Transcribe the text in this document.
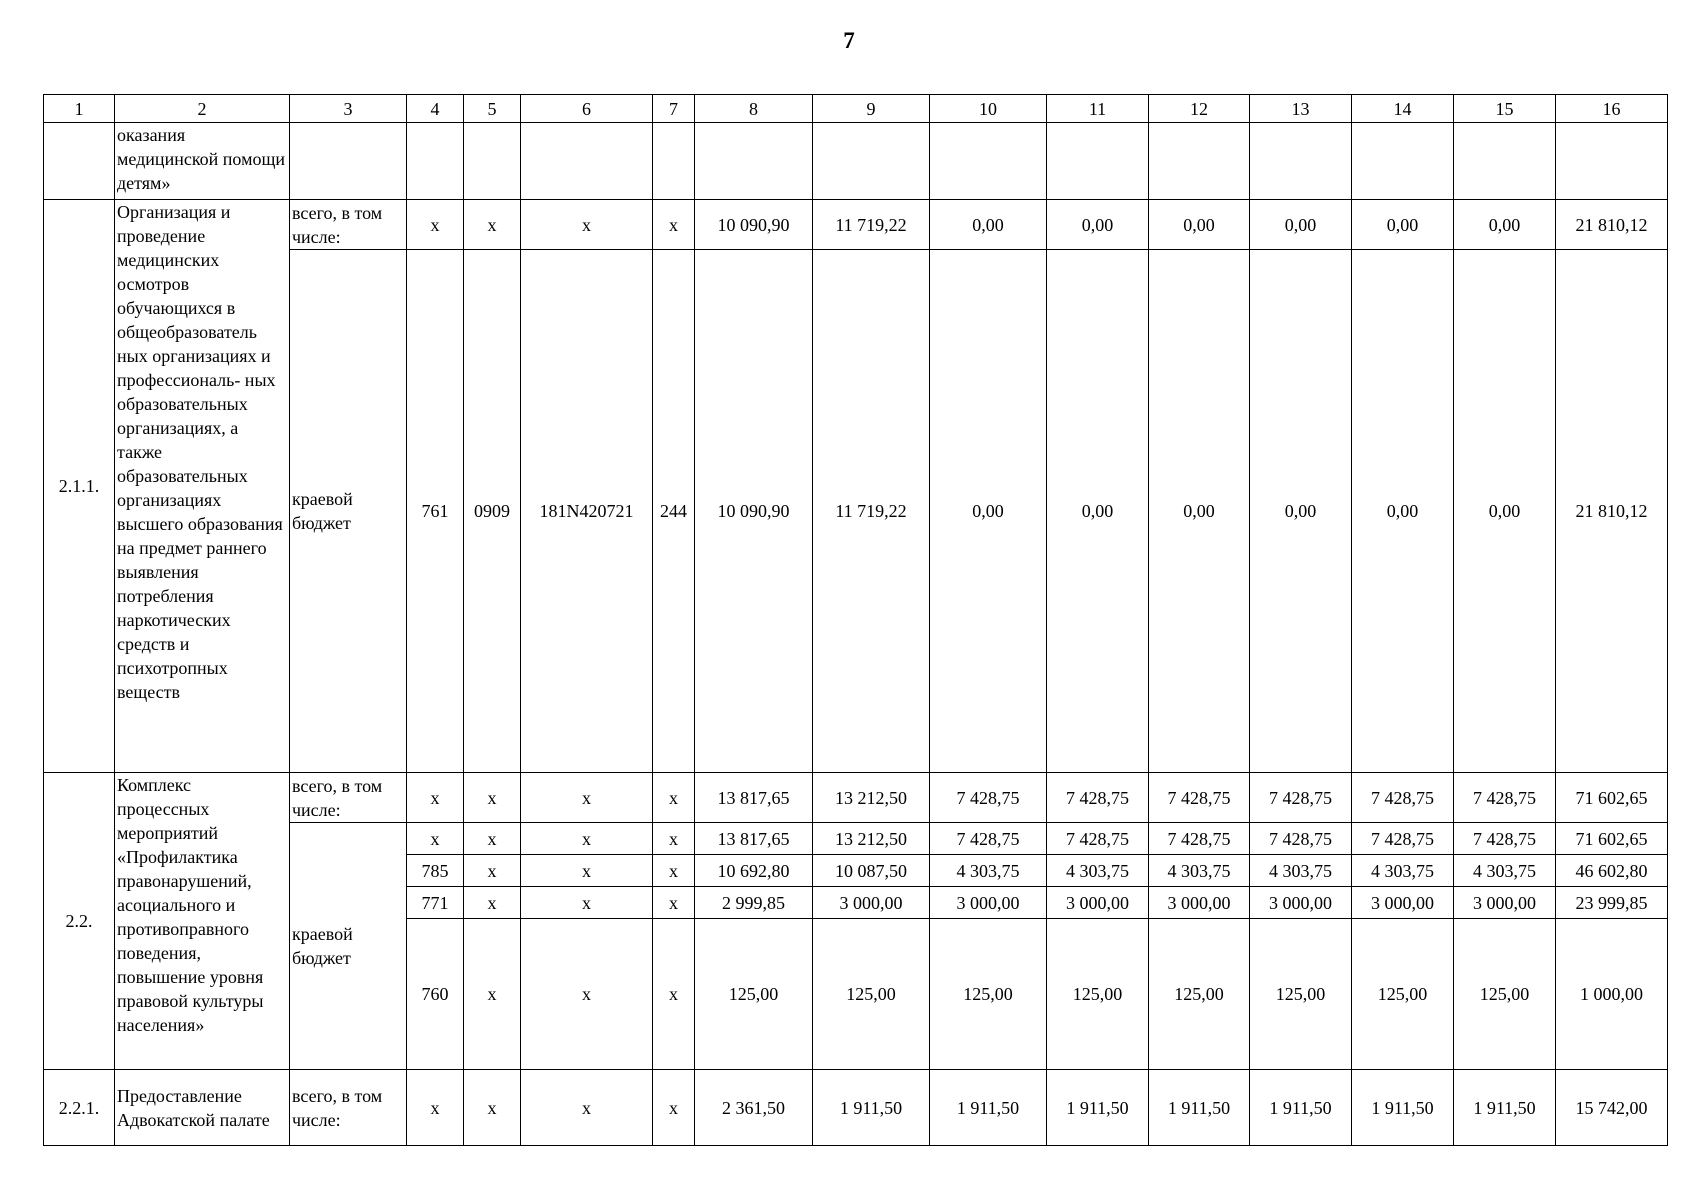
7
1	2	3	4	5	6	7	8	9	10	11	12	13	14	15	16
	оказания медицинской помощи детям»														
2.1.1.	Организация и проведение медицинских осмотров обучающихся в общеобразователь ных организациях и профессиональ- ных образовательных организациях, а также образовательных организациях высшего образования на предмет раннего выявления потребления наркотических средств и психотропных веществ	всего, в том числе:	x	x	x	x	10 090,90	11 719,22	0,00	0,00	0,00	0,00	0,00	0,00	21 810,12
		краевой бюджет	761	0909	181N420721	244	10 090,90	11 719,22	0,00	0,00	0,00	0,00	0,00	0,00	21 810,12
2.2.	Комплекс процессных мероприятий «Профилактика правонарушений, асоциального и противоправного поведения, повышение уровня правовой культуры населения»	всего, в том числе:	x	x	x	x	13 817,65	13 212,50	7 428,75	7 428,75	7 428,75	7 428,75	7 428,75	7 428,75	71 602,65
		краевой бюджет	x	x	x	x	13 817,65	13 212,50	7 428,75	7 428,75	7 428,75	7 428,75	7 428,75	7 428,75	71 602,65
			785	x	x	x	10 692,80	10 087,50	4 303,75	4 303,75	4 303,75	4 303,75	4 303,75	4 303,75	46 602,80
			771	x	x	x	2 999,85	3 000,00	3 000,00	3 000,00	3 000,00	3 000,00	3 000,00	3 000,00	23 999,85
			760	x	x	x	125,00	125,00	125,00	125,00	125,00	125,00	125,00	125,00	1 000,00
2.2.1.	Предоставление Адвокатской палате	всего, в том числе:	x	x	x	x	2 361,50	1 911,50	1 911,50	1 911,50	1 911,50	1 911,50	1 911,50	1 911,50	15 742,00
